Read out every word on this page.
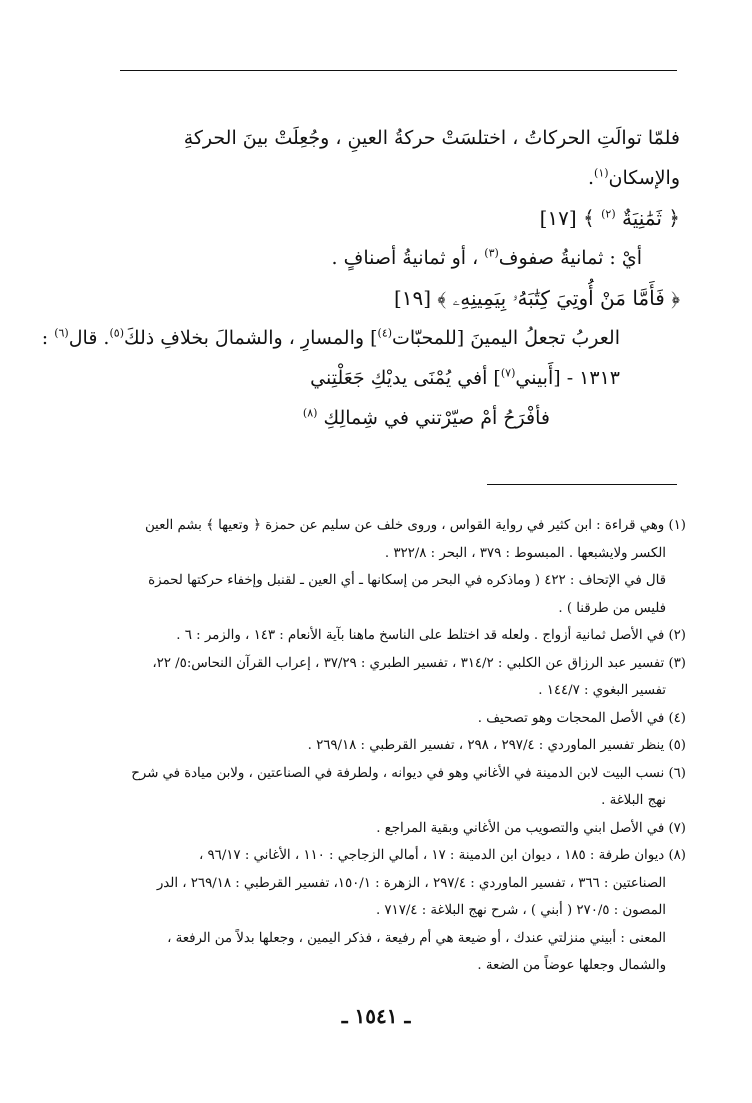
فلمّا توالَتِ الحركاتُ ، اختلسَتْ حركةُ العينِ ، وجُعِلَتْ بينَ الحركةِ
والإسكان$^{(١)}$.
﴿ ثَمَٰنِيَةٌ $^{(٢)}$ ﴾ [١٧]
أيْ : ثمانيةُ صفوف$^{(٣)}$ ، أو ثمانيةُ أصنافٍ .
﴿ فَأَمَّا مَنْ أُوتِيَ كِتَٰبَهُۥ بِيَمِينِهِۦ ﴾ [١٩]
العربُ تجعلُ اليمينَ [للمحبّات$^{(٤)}$] والمسارِ ، والشمالَ بخلافِ ذلكَ$^{(٥)}$. قال$^{(٦)}$ :
١٣١٣ - [أَبيني$^{(٧)}$] أفي يُمْنَى يديْكِ جَعَلْتِني
فأفْرَحُ أمْ صيّرْتني في شِمالِكِ $^{(٨)}$
(١) وهي قراءة : ابن كثير في رواية القواس ، وروى خلف عن سليم عن حمزة ﴿ وتعيها ﴾ بشم العين
الكسر ولايشبعها . المبسوط : ٣٧٩ ، البحر : ٣٢٢/٨ .
قال في الإتحاف : ٤٢٢ ( وماذكره في البحر من إسكانها ـ أي العين ـ لقنبل وإخفاء حركتها لحمزة
فليس من طرقنا ) .
(٢) في الأصل ثمانية أزواج . ولعله قد اختلط على الناسخ ماهنا بآية الأنعام : ١٤٣ ، والزمر : ٦ .
(٣) تفسير عبد الرزاق عن الكلبي : ٣١٤/٢ ، تفسير الطبري : ٣٧/٢٩ ، إعراب القرآن النحاس:٥/ ٢٢،
تفسير البغوي : ١٤٤/٧ .
(٤) في الأصل المحجات وهو تصحيف .
(٥) ينظر تفسير الماوردي : ٢٩٧/٤ ، ٢٩٨ ، تفسير القرطبي : ٢٦٩/١٨ .
(٦) نسب البيت لابن الدمينة في الأغاني وهو في ديوانه ، ولطرفة في الصناعتين ، ولابن ميادة في شرح
نهج البلاغة .
(٧) في الأصل ابني والتصويب من الأغاني وبقية المراجع .
(٨) ديوان طرفة : ١٨٥ ، ديوان ابن الدمينة : ١٧ ، أمالي الزجاجي : ١١٠ ، الأغاني : ٩٦/١٧ ،
الصناعتين : ٣٦٦ ، تفسير الماوردي : ٢٩٧/٤ ، الزهرة : ١٥٠/١، تفسير القرطبي : ٢٦٩/١٨ ، الدر
المصون : ٢٧٠/٥ ( أبني ) ، شرح نهج البلاغة : ٧١٧/٤ .
المعنى : أبيني منزلتي عندك ، أو ضيعة هي أم رفيعة ، فذكر اليمين ، وجعلها بدلاً من الرفعة ،
والشمال وجعلها عوضاً من الضعة .
ـ ١٥٤١ ـ
